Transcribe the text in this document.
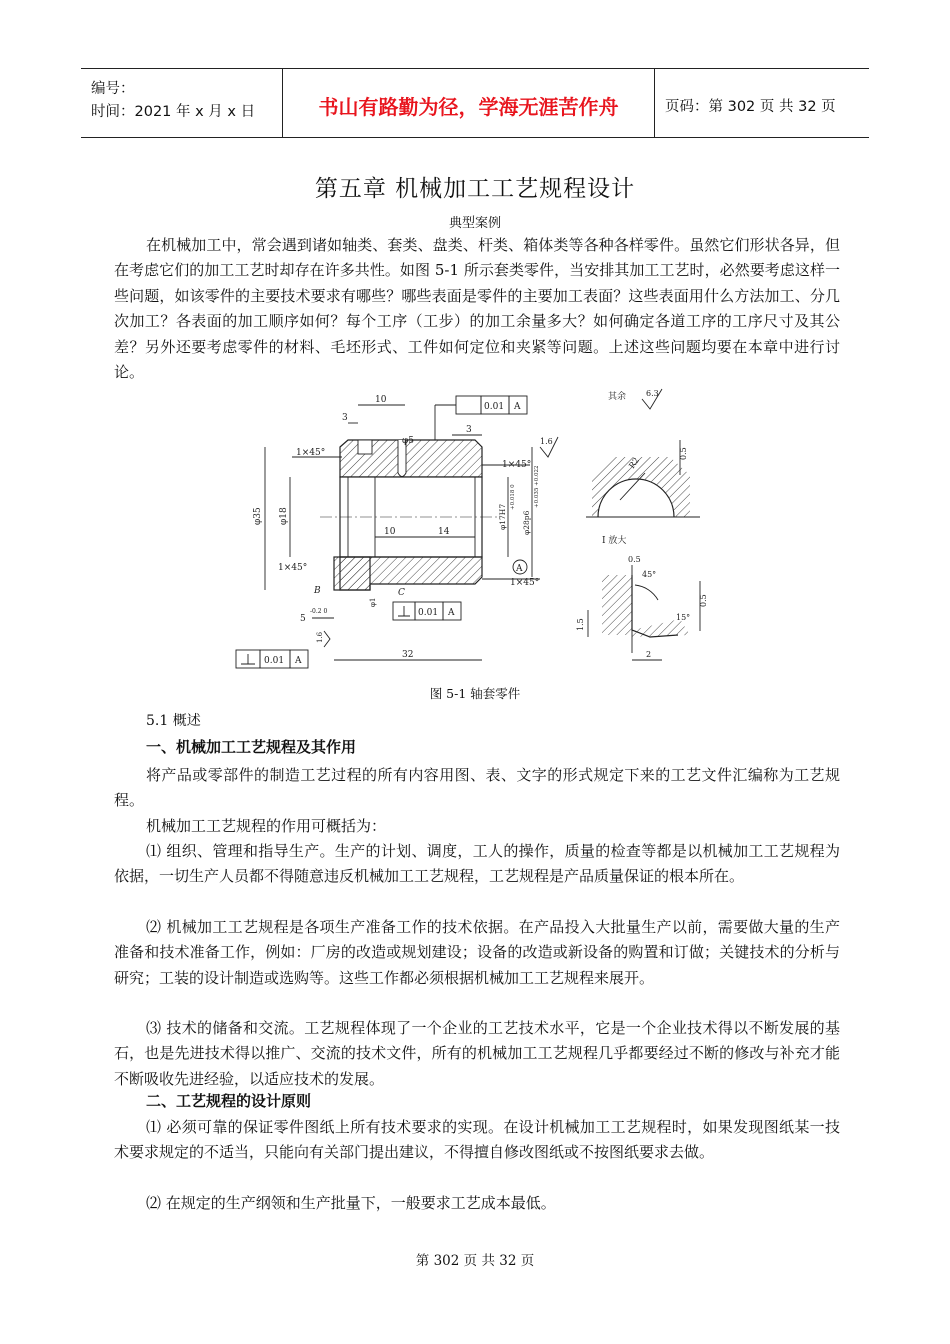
编号：
时间：2021 年 x 月 x 日	书山有路勤为径，学海无涯苦作舟	页码：第 302 页 共 32 页
第五章 机械加工工艺规程设计
典型案例

在机械加工中，常会遇到诸如轴类、套类、盘类、杆类、箱体类等各种各样零件。虽然它们形状各异，但在考虑它们的加工工艺时却存在许多共性。如图 5-1 所示套类零件，当安排其加工工艺时，必然要考虑这样一些问题，如该零件的主要技术要求有哪些？哪些表面是零件的主要加工表面？这些表面用什么方法加工、分几次加工？各表面的加工顺序如何？每个工序（工步）的加工余量多大？如何确定各道工序的工序尺寸及其公差？另外还要考虑零件的材料、毛坯形式、工件如何定位和夹紧等问题。上述这些问题均要在本章中进行讨论。

10
3
φ5
3
0.01 A
1×45°
1×45°
1×45°
1×45°
φ35 φ18	φ17H7
+0.018 0
φ28p6
+0.035 +0.022
10	14
1.6
A
B	C
φ1
0.01 A
0.01 A
32
5
-0.2 0
1.6
其余 6.3
R2
0.5
I 放大
0.5
45°
15°
0.5
1.5
2
图 5-1 轴套零件
5.1 概述
一、机械加工工艺规程及其作用

将产品或零部件的制造工艺过程的所有内容用图、表、文字的形式规定下来的工艺文件汇编称为工艺规程。

机械加工工艺规程的作用可概括为：

⑴ 组织、管理和指导生产。生产的计划、调度，工人的操作，质量的检查等都是以机械加工工艺规程为依据，一切生产人员都不得随意违反机械加工工艺规程，工艺规程是产品质量保证的根本所在。

⑵ 机械加工工艺规程是各项生产准备工作的技术依据。在产品投入大批量生产以前，需要做大量的生产准备和技术准备工作，例如：厂房的改造或规划建设；设备的改造或新设备的购置和订做；关键技术的分析与研究；工装的设计制造或选购等。这些工作都必须根据机械加工工艺规程来展开。

⑶ 技术的储备和交流。工艺规程体现了一个企业的工艺技术水平，它是一个企业技术得以不断发展的基石，也是先进技术得以推广、交流的技术文件，所有的机械加工工艺规程几乎都要经过不断的修改与补充才能不断吸收先进经验，以适应技术的发展。

二、工艺规程的设计原则

⑴ 必须可靠的保证零件图纸上所有技术要求的实现。在设计机械加工工艺规程时，如果发现图纸某一技术要求规定的不适当，只能向有关部门提出建议，不得擅自修改图纸或不按图纸要求去做。

⑵ 在规定的生产纲领和生产批量下，一般要求工艺成本最低。

第 302 页 共 32 页
